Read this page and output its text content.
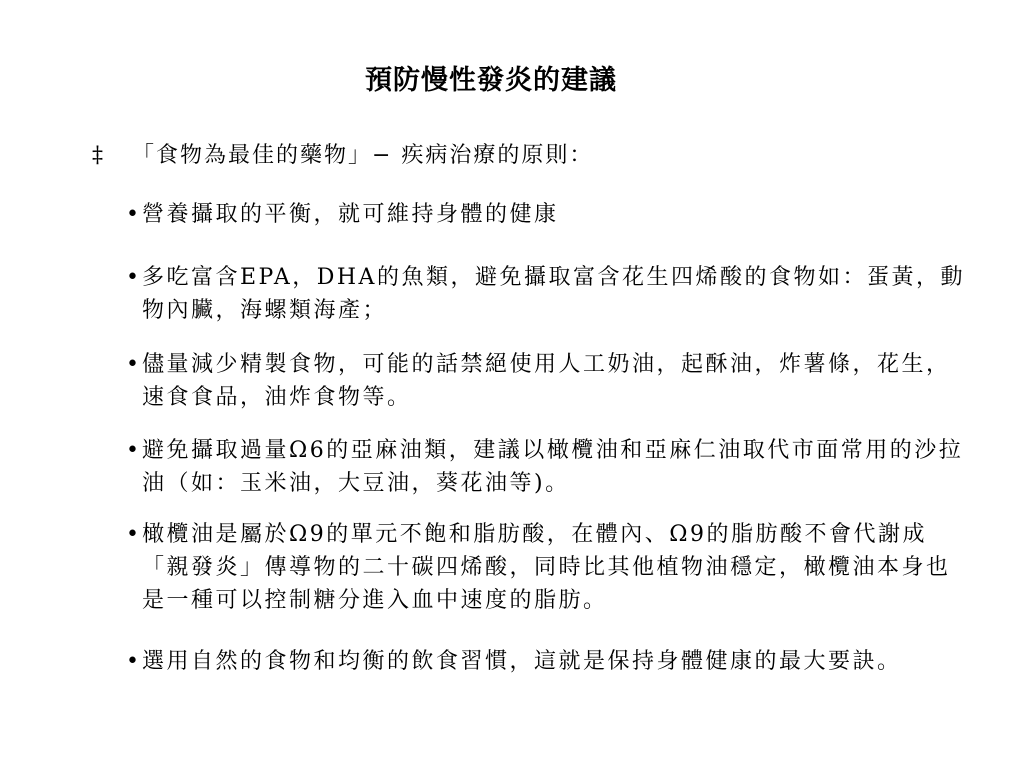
預防慢性發炎的建議
‡ 「食物為最佳的藥物」− 疾病治療的原則：
•營養攝取的平衡，就可維持身體的健康
•多吃富含EPA，DHA的魚類，避免攝取富含花生四烯酸的食物如：蛋黃，動物內臟，海螺類海產；
•儘量減少精製食物，可能的話禁絕使用人工奶油，起酥油，炸薯條，花生，速食食品，油炸食物等。
•避免攝取過量Ω6的亞麻油類，建議以橄欖油和亞麻仁油取代市面常用的沙拉油（如：玉米油，大豆油，葵花油等)。
•橄欖油是屬於Ω9的單元不飽和脂肪酸，在體內、Ω9的脂肪酸不會代謝成「親發炎」傳導物的二十碳四烯酸，同時比其他植物油穩定，橄欖油本身也是一種可以控制糖分進入血中速度的脂肪。
•選用自然的食物和均衡的飲食習慣，這就是保持身體健康的最大要訣。
